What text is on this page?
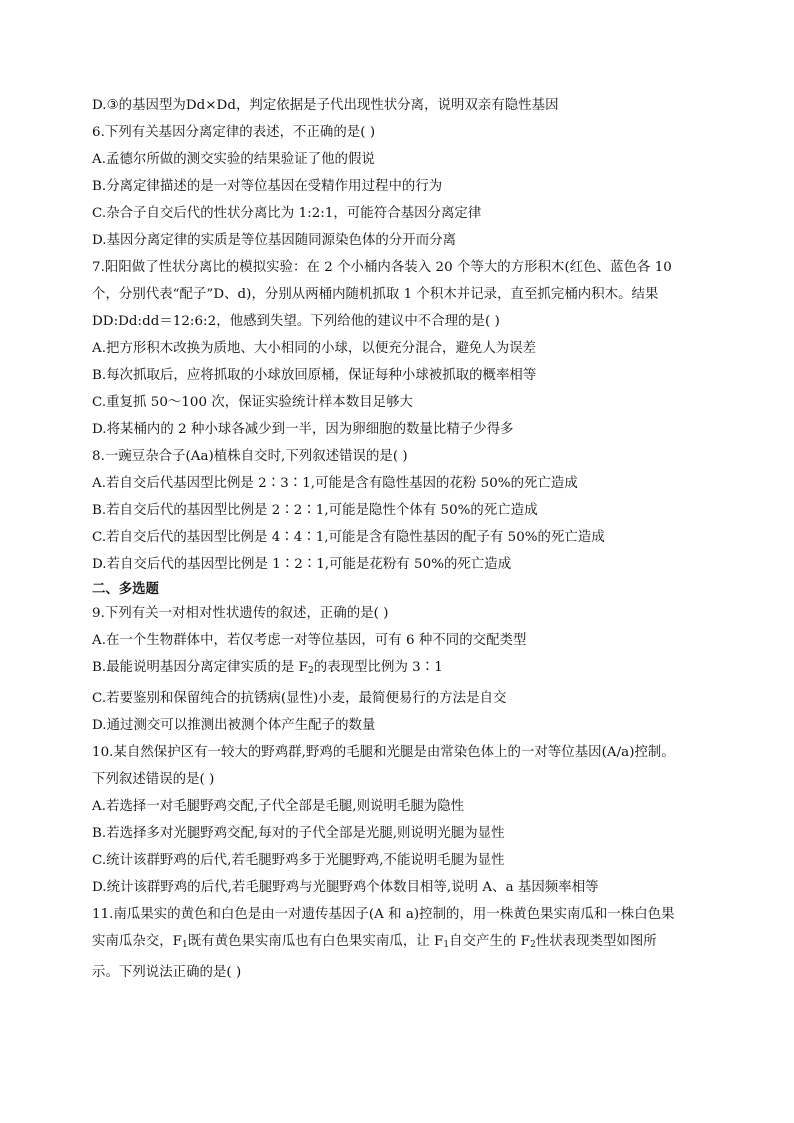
D.③的基因型为Dd×Dd，判定依据是子代出现性状分离，说明双亲有隐性基因
6.下列有关基因分离定律的表述，不正确的是( )
A.孟德尔所做的测交实验的结果验证了他的假说
B.分离定律描述的是一对等位基因在受精作用过程中的行为
C.杂合子自交后代的性状分离比为 1:2:1，可能符合基因分离定律
D.基因分离定律的实质是等位基因随同源染色体的分开而分离
7.阳阳做了性状分离比的模拟实验：在 2 个小桶内各装入 20 个等大的方形积木(红色、蓝色各 10
个，分别代表“配子”D、d)，分别从两桶内随机抓取 1 个积木并记录，直至抓完桶内积木。结果
DD:Dd:dd＝12:6:2，他感到失望。下列给他的建议中不合理的是( )
A.把方形积木改换为质地、大小相同的小球，以便充分混合，避免人为误差
B.每次抓取后，应将抓取的小球放回原桶，保证每种小球被抓取的概率相等
C.重复抓 50～100 次，保证实验统计样本数目足够大
D.将某桶内的 2 种小球各减少到一半，因为卵细胞的数量比精子少得多
8.一豌豆杂合子(Aa)植株自交时,下列叙述错误的是( )
A.若自交后代基因型比例是 2∶3∶1,可能是含有隐性基因的花粉 50%的死亡造成
B.若自交后代的基因型比例是 2∶2∶1,可能是隐性个体有 50%的死亡造成
C.若自交后代的基因型比例是 4∶4∶1,可能是含有隐性基因的配子有 50%的死亡造成
D.若自交后代的基因型比例是 1∶2∶1,可能是花粉有 50%的死亡造成
二、多选题
9.下列有关一对相对性状遗传的叙述，正确的是( )
A.在一个生物群体中，若仅考虑一对等位基因，可有 6 种不同的交配类型
B.最能说明基因分离定律实质的是 $F_2$的表现型比例为 3∶1
C.若要鉴别和保留纯合的抗锈病(显性)小麦，最简便易行的方法是自交
D.通过测交可以推测出被测个体产生配子的数量
10.某自然保护区有一较大的野鸡群,野鸡的毛腿和光腿是由常染色体上的一对等位基因(A/a)控制。
下列叙述错误的是( )
A.若选择一对毛腿野鸡交配,子代全部是毛腿,则说明毛腿为隐性
B.若选择多对光腿野鸡交配,每对的子代全部是光腿,则说明光腿为显性
C.统计该群野鸡的后代,若毛腿野鸡多于光腿野鸡,不能说明毛腿为显性
D.统计该群野鸡的后代,若毛腿野鸡与光腿野鸡个体数目相等,说明 A、a 基因频率相等
11.南瓜果实的黄色和白色是由一对遗传基因子(A 和 a)控制的，用一株黄色果实南瓜和一株白色果
实南瓜杂交，$F_1$既有黄色果实南瓜也有白色果实南瓜，让 $F_1$自交产生的 $F_2$性状表现类型如图所
示。下列说法正确的是( )
